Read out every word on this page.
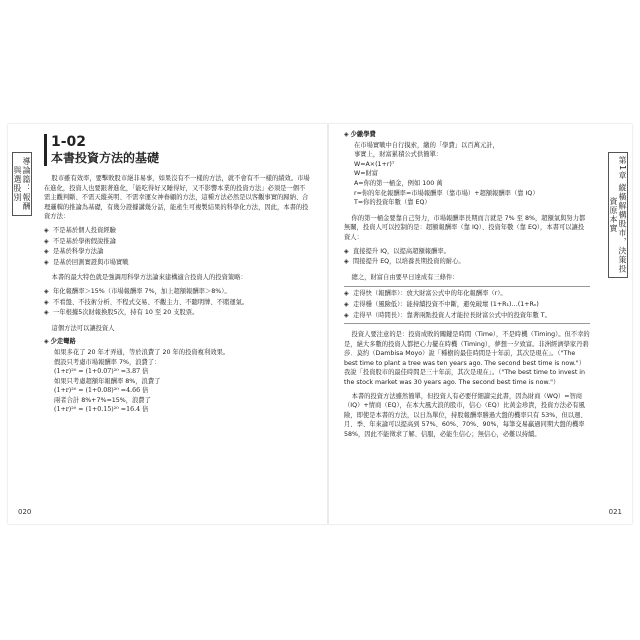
導論篇：報酬與選股別
1-02
本書投資方法的基礎

股市雖有效率，要擊敗股市絕非易事，如果沒有不一樣的方法，就不會有不一樣的績效。市場在進化，投資人也要跟著進化，「能吃得好又睡得好，又不影響本業的投資方法」必須是一個不需主觀判斷、不需天縱英明、不需幸運女神眷顧的方法，這種方法必然是以客觀事實的歸納、合理邏輯的推論為基礎，有幾分證據講幾分話，能產生可複製結果的科學化方法，因此，本書的投資方法：

◈ 不是基於個人投資經驗
◈ 不是基於學術假說推論
◈ 是基於科學方法論
◈ 是基於回測實證與市場實戰

本書的最大特色就是強調用科學方法論來建構適合投資人的投資策略：

◈ 年化報酬率＞15%（市場報酬率 7%，加上超額報酬率＞8%）。
◈ 不看盤、不技術分析、不程式交易、不觀主力、不聽明牌、不賭運氣。
◈ 一年根據5次財報換股5次，持有 10 至 20 支股票。

這個方法可以讓投資人

◈ 少走彎路
如果多花了 20 年才弄通，等於浪費了 20 年的投資複利效果。
假設只考慮市場報酬率 7%，浪費了：
(1+r)²⁰ = (1+0.07)²⁰ =3.87 倍
如果只考慮超額年報酬率 8%，浪費了
(1+r)²⁰ = (1+0.08)²⁰ =4.66 倍
兩者合計 8%+7%=15%，浪費了
(1+r)²⁰ = (1+0.15)²⁰ =16.4 倍
020
第1章 縱橫解構股市，決策投資原本實
◈ 少繳學費
在市場實戰中自行摸索，繳的「學費」以百萬元計，
事實上，財富累積公式供簡單：
W=A×(1+r)ᵀ
W=財富
A=你的第一桶金，例如 100 萬
r=你的年化報酬率=市場報酬率（靠市場）+超額報酬率（靠 IQ）
T=你的投資年數（靠 EQ）

你的第一桶金要靠自己努力，市場報酬率長期而言就是 7% 至 8%，超額氣與努力都無關，投資人可以控制的是：超額報酬率（靠 IQ）、投資年數（靠 EQ），本書可以讓投資人：

◈ 直接提升 IQ，以提高超額報酬率。
◈ 間接提升 EQ，以培養長期投資的耐心。

總之，財富自由要早日達成有三條件：

◈ 走得快（報酬率）：放大財富公式中的年化報酬率（r）。
◈ 走得穩（風險低）：能持續投資不中斷，避免破壞 (1+R₁)…(1+Rₙ)
◈ 走得早（時間長）：靠著兩點投資人才能拉長財富公式中的投資年數 T。

投資人要注意的是：投資成敗的關鍵是時間（Time），不是時機（Timing）。但不幸的是，絕大多數的投資人都把心力擺在時機（Timing），夢想一夕致富。非洲經濟學家丹碧莎．莫約（Dambisa Moyo）說「種樹的最佳時間是十年前，其次是現在」。（"The best time to plant a tree was ten years ago. The second best time is now."）我說「投資股市的最佳時間是三十年前，其次是現在」。（"The best time to invest in the stock market was 30 years ago. The second best time is now."）

本書的投資方法雖然簡單，但投資人有必要仔細讀完此書，因為財商（WQ）=智商（IQ）+情商（EQ），在本大風大浪的股市，信心（EQ）比黃金珍貴，投資方法必有風險，即使是本書的方法，以日為單位，持股報酬率勝過大盤的機率只有 53%，但以週、月、季、年來論可以提高到 57%、60%、70%、90%，每筆交易贏過同期大盤的機率 58%，因此不能徵求了解、信服，必能生信心；無信心，必難以持續。

021
